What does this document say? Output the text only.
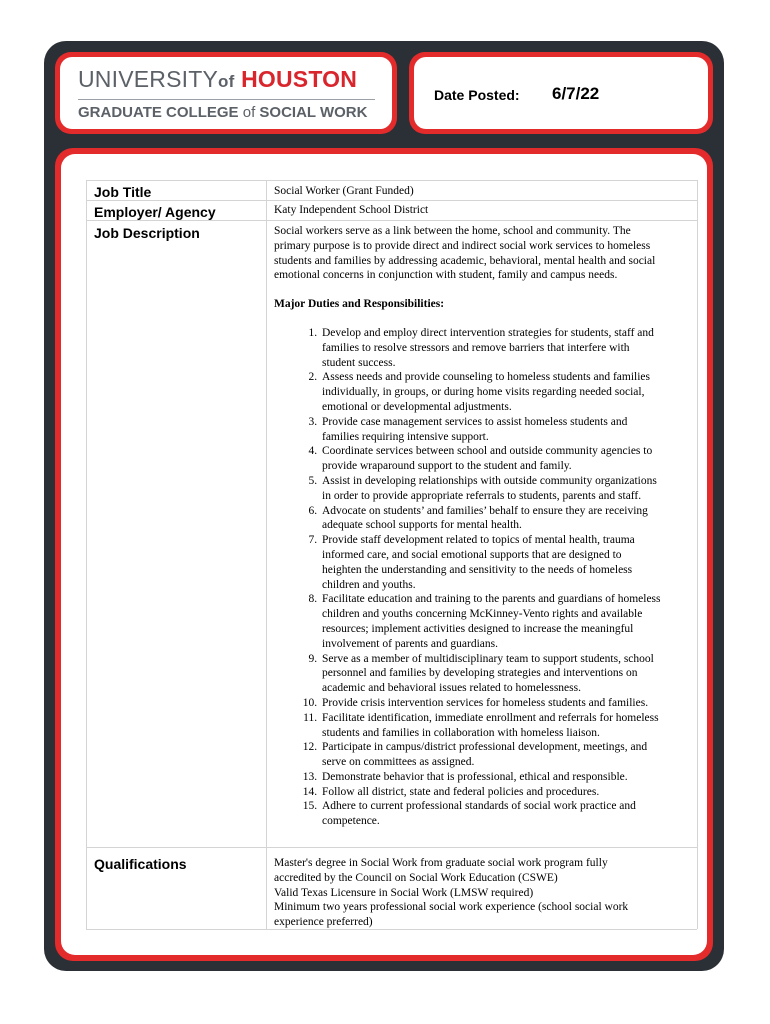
UNIVERSITYof HOUSTON
GRADUATE COLLEGE of SOCIAL WORK
Date Posted: 6/7/22
Job Title	Social Worker (Grant Funded)
Employer/ Agency	Katy Independent School District
Job Description	Social workers serve as a link between the home, school and community. The
primary purpose is to provide direct and indirect social work services to homeless
students and families by addressing academic, behavioral, mental health and social
emotional concerns in conjunction with student, family and campus needs.

Major Duties and Responsibilities:

1. Develop and employ direct intervention strategies for students, staff and
families to resolve stressors and remove barriers that interfere with
student success.
2. Assess needs and provide counseling to homeless students and families
individually, in groups, or during home visits regarding needed social,
emotional or developmental adjustments.
3. Provide case management services to assist homeless students and
families requiring intensive support.
4. Coordinate services between school and outside community agencies to
provide wraparound support to the student and family.
5. Assist in developing relationships with outside community organizations
in order to provide appropriate referrals to students, parents and staff.
6. Advocate on students’ and families’ behalf to ensure they are receiving
adequate school supports for mental health.
7. Provide staff development related to topics of mental health, trauma
informed care, and social emotional supports that are designed to
heighten the understanding and sensitivity to the needs of homeless
children and youths.
8. Facilitate education and training to the parents and guardians of homeless
children and youths concerning McKinney-Vento rights and available
resources; implement activities designed to increase the meaningful
involvement of parents and guardians.
9. Serve as a member of multidisciplinary team to support students, school
personnel and families by developing strategies and interventions on
academic and behavioral issues related to homelessness.
10. Provide crisis intervention services for homeless students and families.
11. Facilitate identification, immediate enrollment and referrals for homeless
students and families in collaboration with homeless liaison.
12. Participate in campus/district professional development, meetings, and
serve on committees as assigned.
13. Demonstrate behavior that is professional, ethical and responsible.
14. Follow all district, state and federal policies and procedures.
15. Adhere to current professional standards of social work practice and
competence.
Qualifications	Master's degree in Social Work from graduate social work program fully
accredited by the Council on Social Work Education (CSWE)
Valid Texas Licensure in Social Work (LMSW required)
Minimum two years professional social work experience (school social work
experience preferred)
